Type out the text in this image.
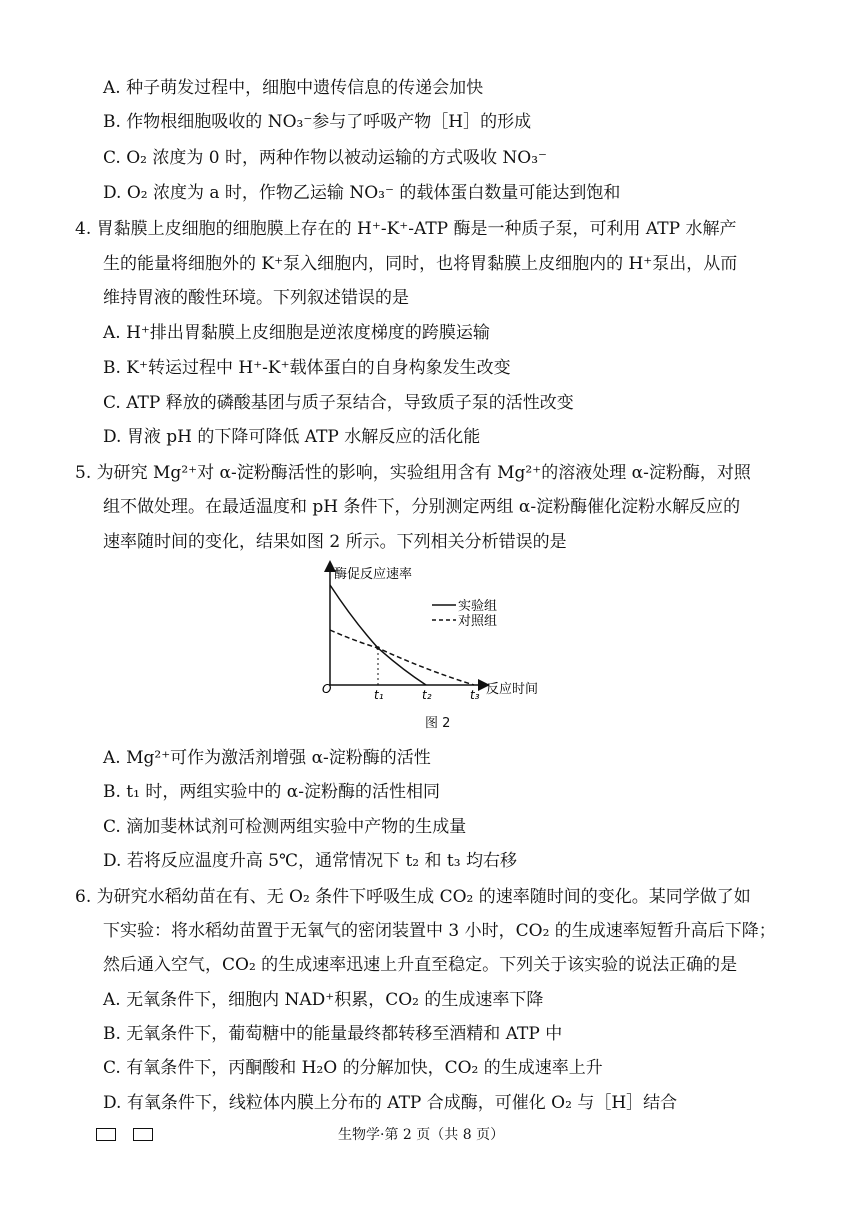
A. 种子萌发过程中，细胞中遗传信息的传递会加快
B. 作物根细胞吸收的 NO₃⁻参与了呼吸产物［H］的形成
C. O₂ 浓度为 0 时，两种作物以被动运输的方式吸收 NO₃⁻
D. O₂ 浓度为 a 时，作物乙运输 NO₃⁻ 的载体蛋白数量可能达到饱和
4. 胃黏膜上皮细胞的细胞膜上存在的 H⁺-K⁺-ATP 酶是一种质子泵，可利用 ATP 水解产
生的能量将细胞外的 K⁺泵入细胞内，同时，也将胃黏膜上皮细胞内的 H⁺泵出，从而
维持胃液的酸性环境。下列叙述错误的是
A. H⁺排出胃黏膜上皮细胞是逆浓度梯度的跨膜运输
B. K⁺转运过程中 H⁺-K⁺载体蛋白的自身构象发生改变
C. ATP 释放的磷酸基团与质子泵结合，导致质子泵的活性改变
D. 胃液 pH 的下降可降低 ATP 水解反应的活化能
5. 为研究 Mg²⁺对 α-淀粉酶活性的影响，实验组用含有 Mg²⁺的溶液处理 α-淀粉酶，对照
组不做处理。在最适温度和 pH 条件下，分别测定两组 α-淀粉酶催化淀粉水解反应的
速率随时间的变化，结果如图 2 所示。下列相关分析错误的是
酶促反应速率
反应时间
O	t₁	t₂	t₃
实验组
对照组
图 2
A. Mg²⁺可作为激活剂增强 α-淀粉酶的活性
B. t₁ 时，两组实验中的 α-淀粉酶的活性相同
C. 滴加斐林试剂可检测两组实验中产物的生成量
D. 若将反应温度升高 5℃，通常情况下 t₂ 和 t₃ 均右移
6. 为研究水稻幼苗在有、无 O₂ 条件下呼吸生成 CO₂ 的速率随时间的变化。某同学做了如
下实验：将水稻幼苗置于无氧气的密闭装置中 3 小时，CO₂ 的生成速率短暂升高后下降；
然后通入空气，CO₂ 的生成速率迅速上升直至稳定。下列关于该实验的说法正确的是
A. 无氧条件下，细胞内 NAD⁺积累，CO₂ 的生成速率下降
B. 无氧条件下，葡萄糖中的能量最终都转移至酒精和 ATP 中
C. 有氧条件下，丙酮酸和 H₂O 的分解加快，CO₂ 的生成速率上升
D. 有氧条件下，线粒体内膜上分布的 ATP 合成酶，可催化 O₂ 与［H］结合
生物学·第 2 页（共 8 页）
